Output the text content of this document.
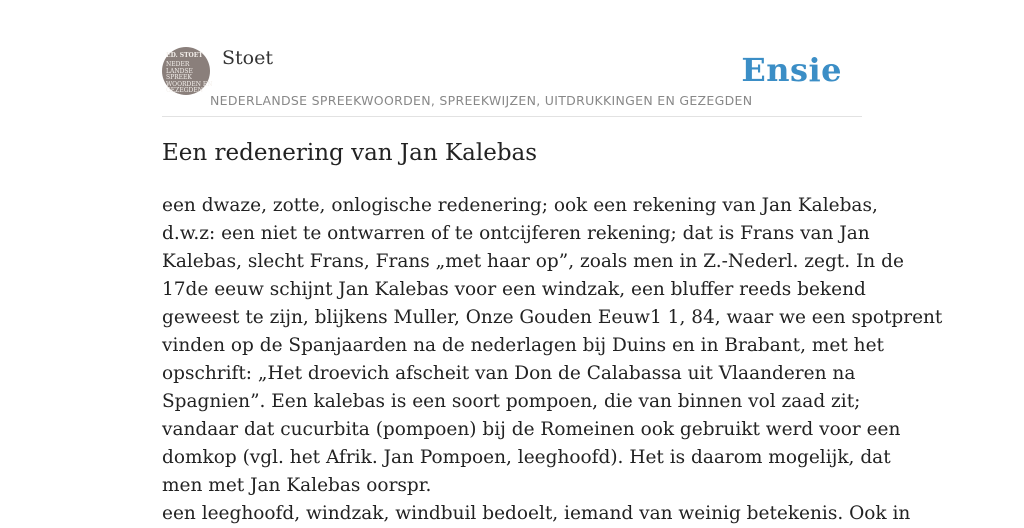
ED. STOET
NEDER
LANDSE
SPREEK
WOORDEN EN
GEZEGDEN
Stoet
NEDERLANDSE SPREEKWOORDEN, SPREEKWIJZEN, UITDRUKKINGEN EN GEZEGDEN
Ensie
Een redenering van Jan Kalebas
een dwaze, zotte, onlogische redenering; ook een rekening van Jan Kalebas,
d.w.z: een niet te ontwarren of te ontcijferen rekening; dat is Frans van Jan
Kalebas, slecht Frans, Frans „met haar op”, zoals men in Z.-Nederl. zegt. In de
17de eeuw schijnt Jan Kalebas voor een windzak, een bluffer reeds bekend
geweest te zijn, blijkens Muller, Onze Gouden Eeuw1 1, 84, waar we een spotprent
vinden op de Spanjaarden na de nederlagen bij Duins en in Brabant, met het
opschrift: „Het droevich afscheit van Don de Calabassa uit Vlaanderen na
Spagnien”. Een kalebas is een soort pompoen, die van binnen vol zaad zit;
vandaar dat cucurbita (pompoen) bij de Romeinen ook gebruikt werd voor een
domkop (vgl. het Afrik. Jan Pompoen, leeghoofd). Het is daarom mogelijk, dat
men met Jan Kalebas oorspr.
een leeghoofd, windzak, windbuil bedoelt, iemand van weinig betekenis. Ook in
